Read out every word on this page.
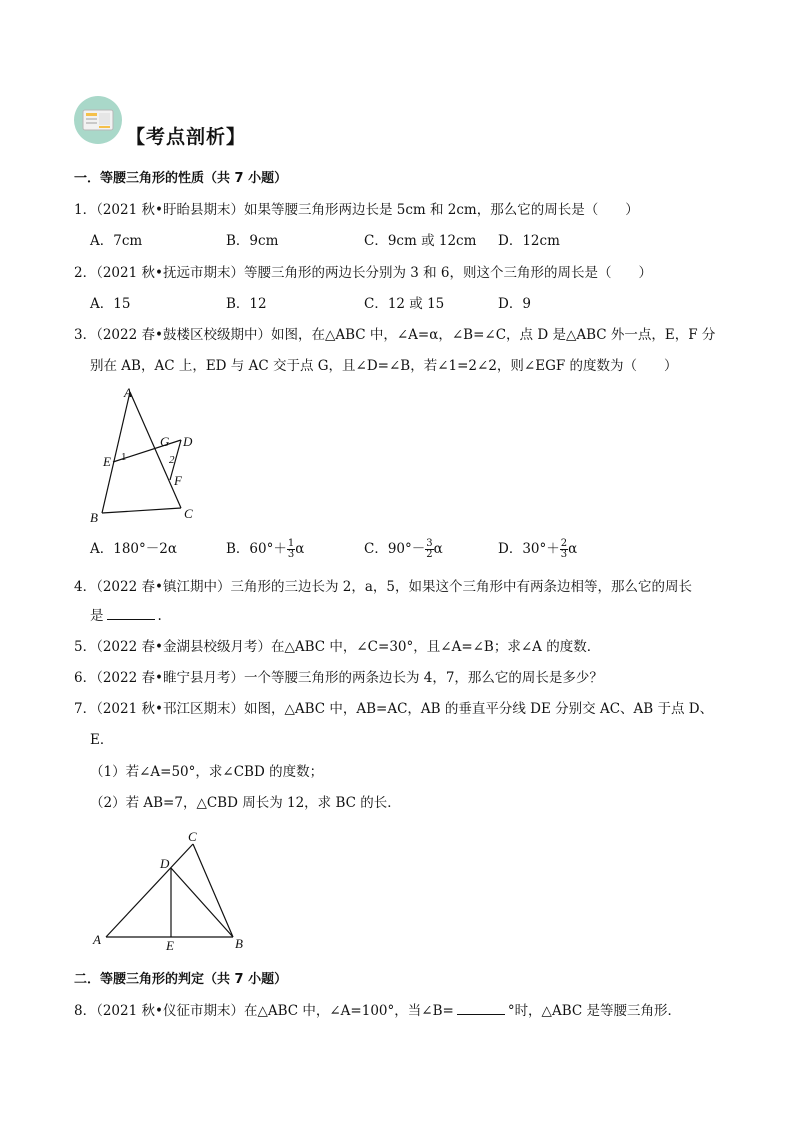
【考点剖析】
一．等腰三角形的性质（共 7 小题）
1．（2021 秋•盱眙县期末）如果等腰三角形两边长是 5cm 和 2cm，那么它的周长是（　　）
A．7cm	B．9cm	C．9cm 或 12cm D．12cm
2．（2021 秋•抚远市期末）等腰三角形的两边长分别为 3 和 6，则这个三角形的周长是（　　）
A．15	B．12	C．12 或 15	D．9
3．（2022 春•鼓楼区校级期中）如图，在△ABC 中，∠A=α，∠B=∠C，点 D 是△ABC 外一点，E，F 分
别在 AB，AC 上，ED 与 AC 交于点 G，且∠D=∠B，若∠1=2∠2，则∠EGF 的度数为（　　）
A
G D
E 1	2
F
B	C
A．180°－2α	B．$60^\circ+ \frac{1}{3}$ α	C．$90^\circ- \frac{3}{2}$ α	D．$30^\circ+ \frac{2}{3}$ α
4．（2022 春•镇江期中）三角形的三边长为 2，a，5，如果这个三角形中有两条边相等，那么它的周长
是	.
5．（2022 春•金湖县校级月考）在△ABC 中，∠C=30°，且∠A=∠B；求∠A 的度数．
6．（2022 春•睢宁县月考）一个等腰三角形的两条边长为 4，7，那么它的周长是多少？
7．（2021 秋•邗江区期末）如图，△ABC 中，AB=AC，AB 的垂直平分线 DE 分别交 AC、AB 于点 D、
E．
（1）若∠A=50°，求∠CBD 的度数；
（2）若 AB=7，△CBD 周长为 12，求 BC 的长．
C
D
A	E	B
二．等腰三角形的判定（共 7 小题）
8．（2021 秋•仪征市期末）在△ABC 中，∠A=100°，当∠B=	°时，△ABC 是等腰三角形．
